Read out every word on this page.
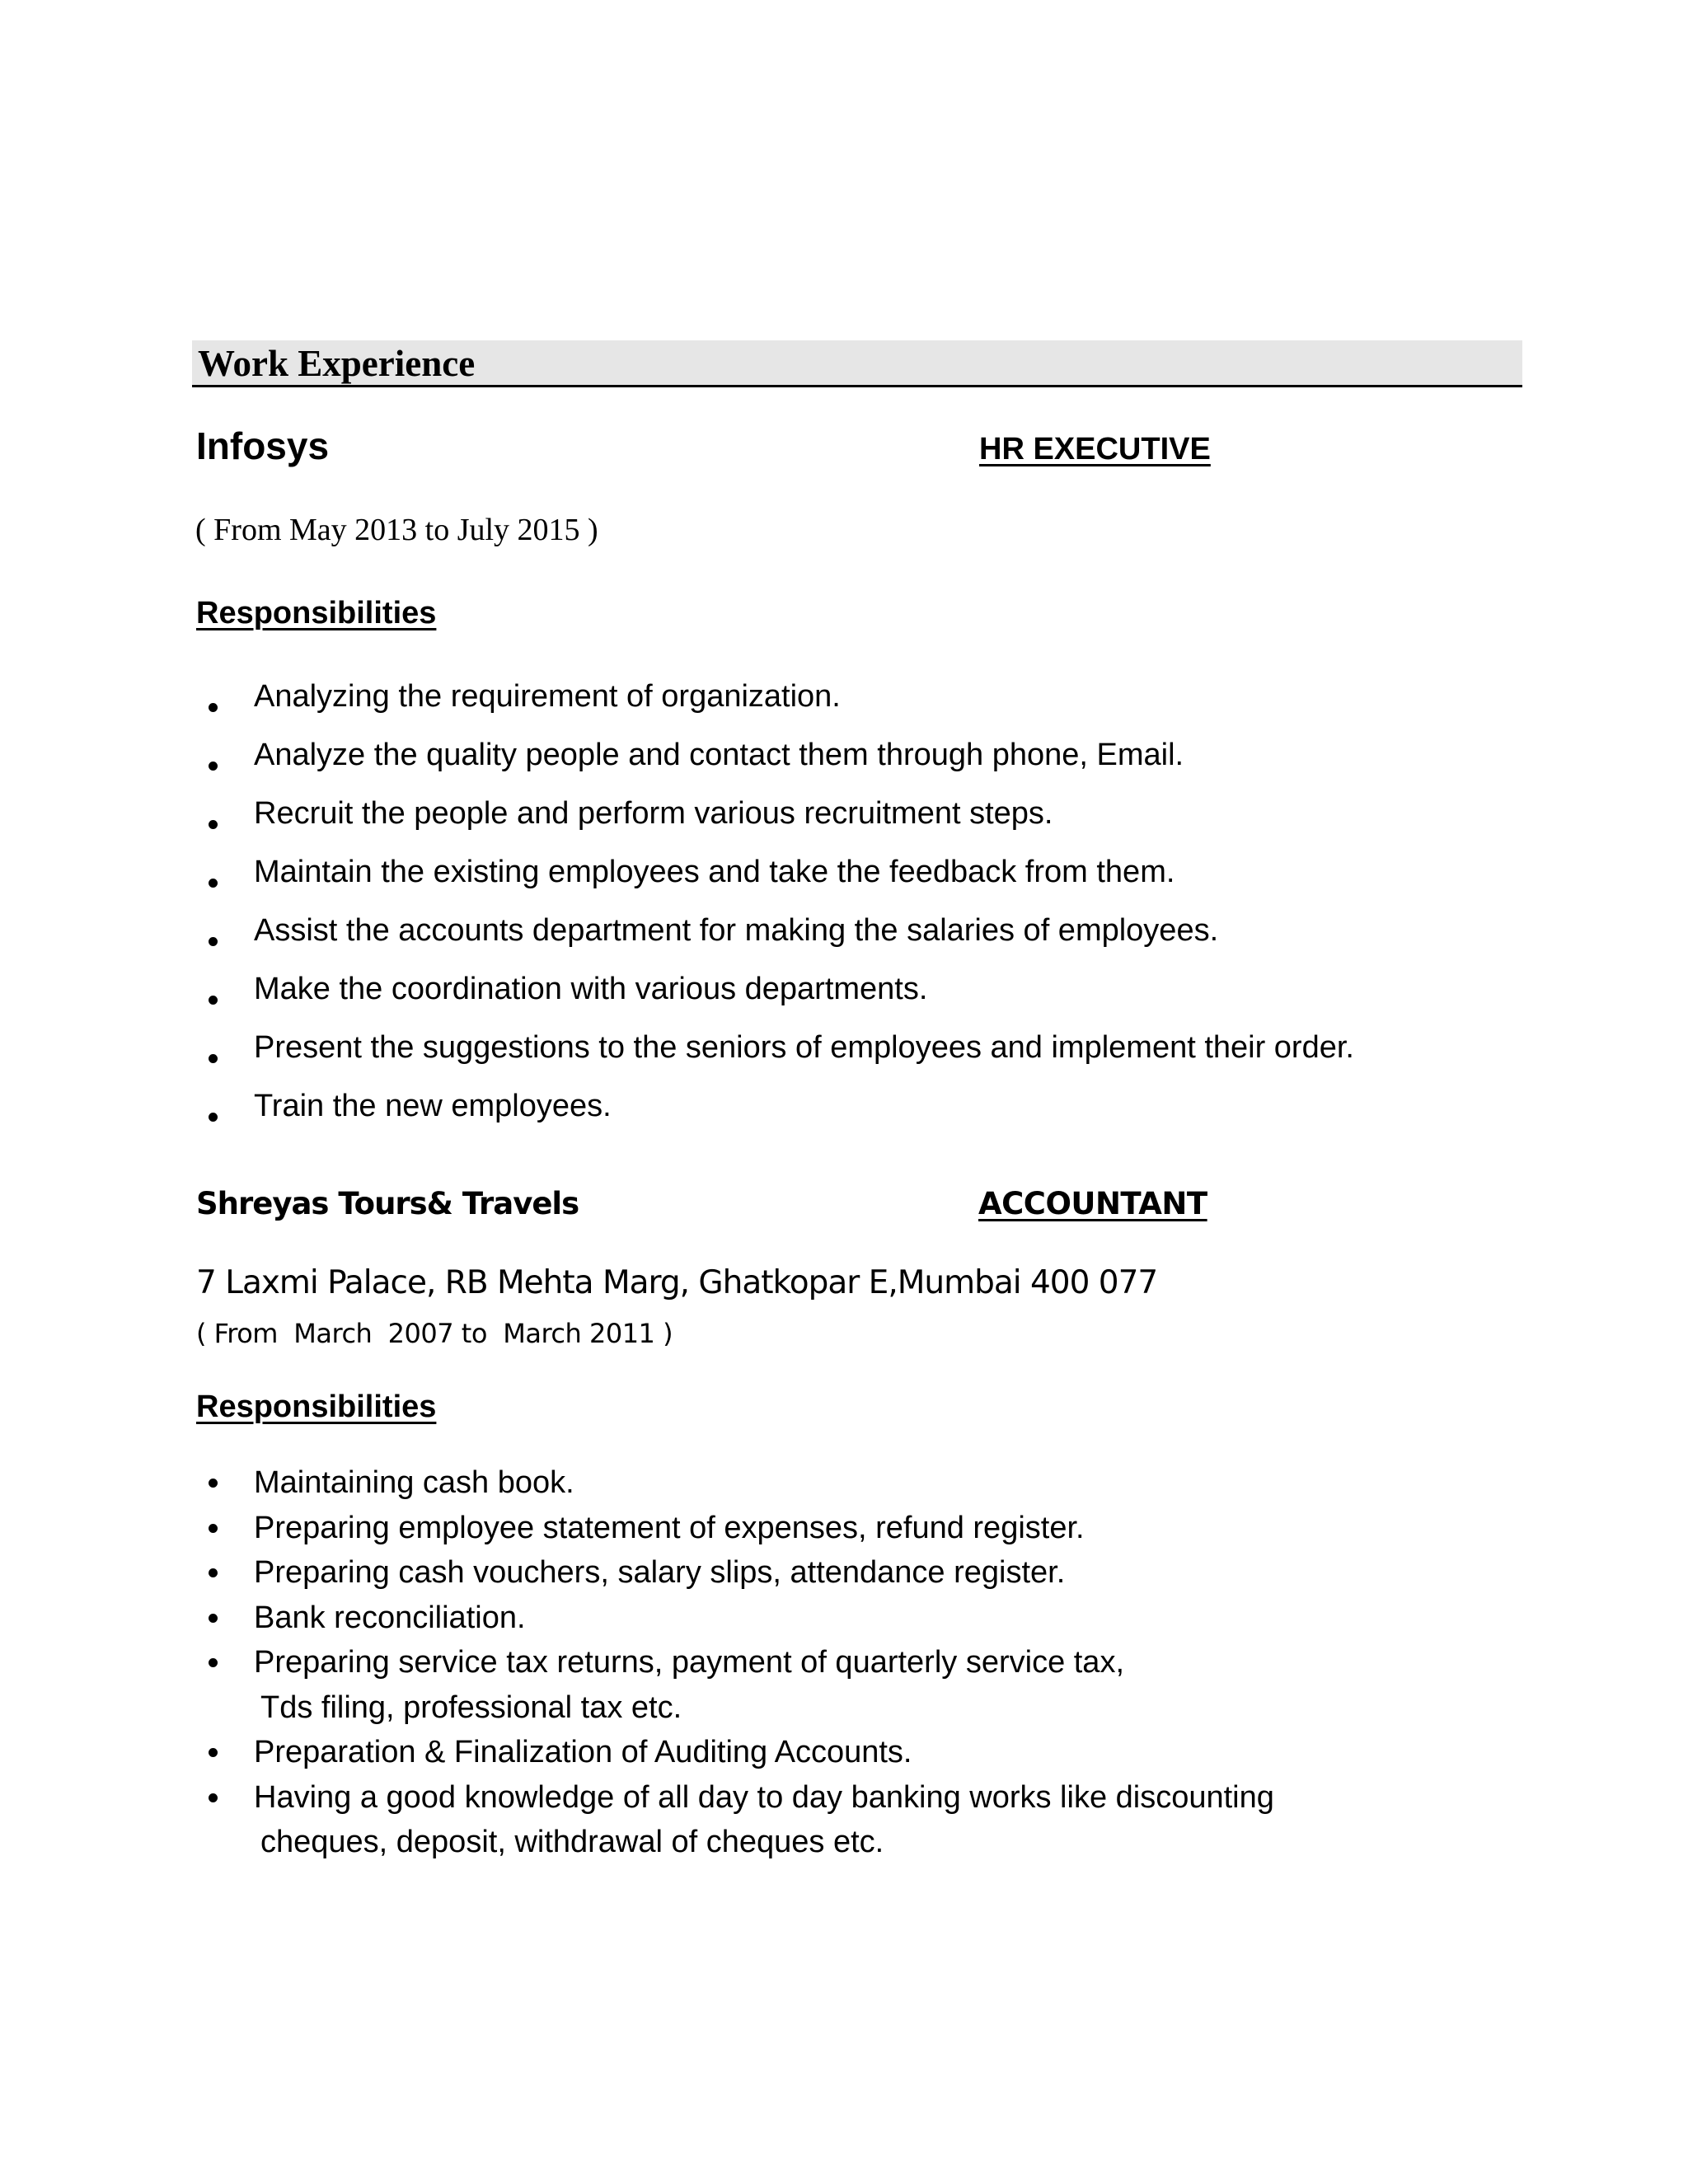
Work Experience
Infosys	HR EXECUTIVE
( From May 2013 to July 2015 )
Responsibilities
Analyzing the requirement of organization.
Analyze the quality people and contact them through phone, Email.
Recruit the people and perform various recruitment steps.
Maintain the existing employees and take the feedback from them.
Assist the accounts department for making the salaries of employees.
Make the coordination with various departments.
Present the suggestions to the seniors of employees and implement their order.
Train the new employees.
Shreyas Tours& Travels	ACCOUNTANT
7 Laxmi Palace, RB Mehta Marg, Ghatkopar E,Mumbai 400 077
( From  March  2007 to  March 2011 )
Responsibilities
Maintaining cash book.
Preparing employee statement of expenses, refund register.
Preparing cash vouchers, salary slips, attendance register.
Bank reconciliation.
Preparing service tax returns, payment of quarterly service tax,
Tds filing, professional tax etc.
Preparation & Finalization of Auditing Accounts.
Having a good knowledge of all day to day banking works like discounting
cheques, deposit, withdrawal of cheques etc.
